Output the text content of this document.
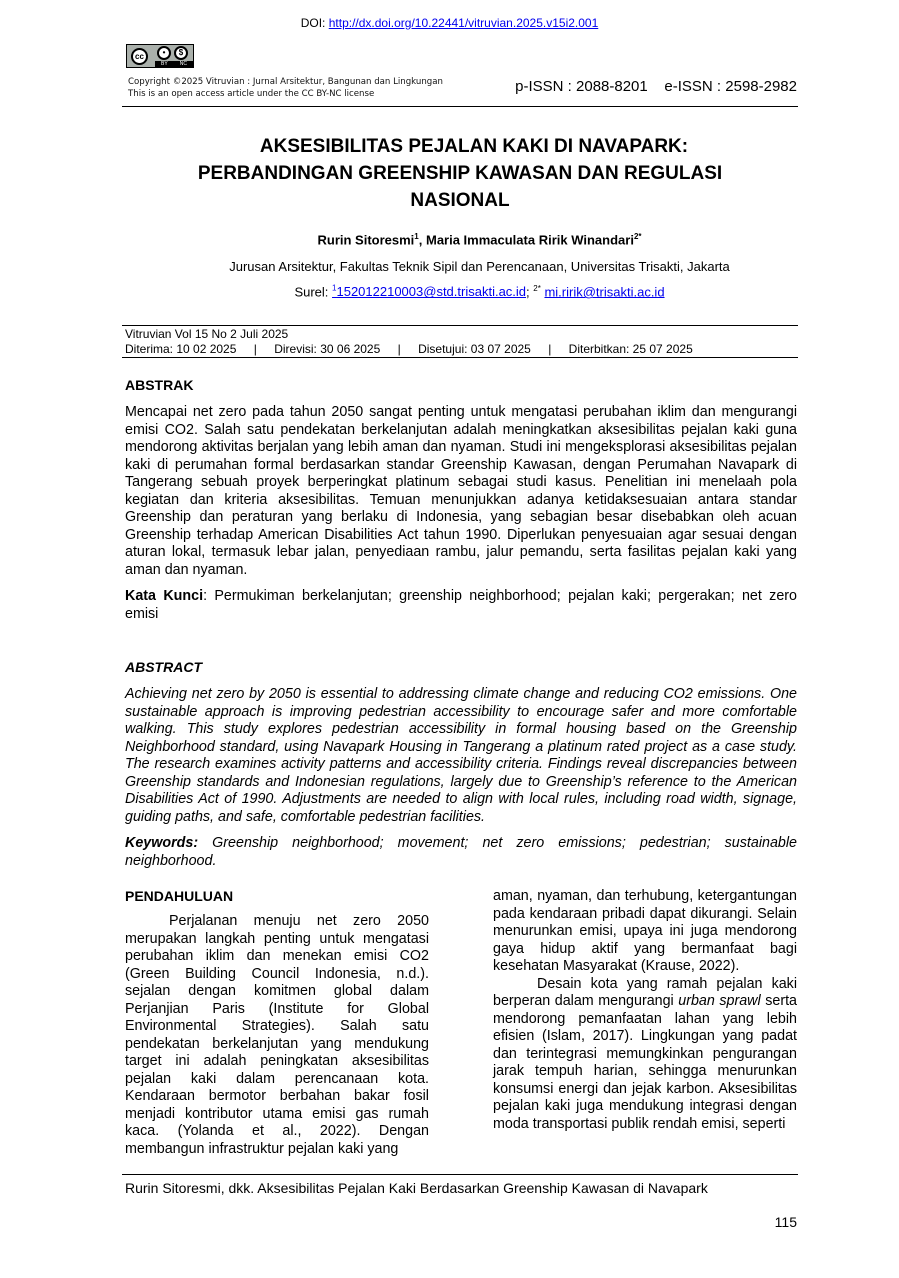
DOI: http://dx.doi.org/10.22441/vitruvian.2025.v15i2.001
cc	•	$
BY NC
Copyright ©2025 Vitruvian : Jurnal Arsitektur, Bangunan dan Lingkungan
This is an open access article under the CC BY-NC license	p-ISSN : 2088-8201    e-ISSN : 2598-2982
AKSESIBILITAS PEJALAN KAKI DI NAVAPARK:
PERBANDINGAN GREENSHIP KAWASAN DAN REGULASI
NASIONAL
Rurin Sitoresmi$^1$, Maria Immaculata Ririk Winandari$^{2*}$
Jurusan Arsitektur, Fakultas Teknik Sipil dan Perencanaan, Universitas Trisakti, Jakarta
Surel: $^1$152012210003@std.trisakti.ac.id; $^{2*}$ mi.ririk@trisakti.ac.id
Vitruvian Vol 15 No 2 Juli 2025
Diterima: 10 02 2025 | Direvisi: 30 06 2025 | Disetujui: 03 07 2025 | Diterbitkan: 25 07 2025
ABSTRAK
Mencapai net zero pada tahun 2050 sangat penting untuk mengatasi perubahan iklim dan mengurangi emisi CO2. Salah satu pendekatan berkelanjutan adalah meningkatkan aksesibilitas pejalan kaki guna mendorong aktivitas berjalan yang lebih aman dan nyaman. Studi ini mengeksplorasi aksesibilitas pejalan kaki di perumahan formal berdasarkan standar Greenship Kawasan, dengan Perumahan Navapark di Tangerang sebuah proyek berperingkat platinum sebagai studi kasus. Penelitian ini menelaah pola kegiatan dan kriteria aksesibilitas. Temuan menunjukkan adanya ketidaksesuaian antara standar Greenship dan peraturan yang berlaku di Indonesia, yang sebagian besar disebabkan oleh acuan Greenship terhadap American Disabilities Act tahun 1990. Diperlukan penyesuaian agar sesuai dengan aturan lokal, termasuk lebar jalan, penyediaan rambu, jalur pemandu, serta fasilitas pejalan kaki yang aman dan nyaman.
Kata Kunci: Permukiman berkelanjutan; greenship neighborhood; pejalan kaki; pergerakan; net zero emisi
ABSTRACT
Achieving net zero by 2050 is essential to addressing climate change and reducing CO2 emissions. One sustainable approach is improving pedestrian accessibility to encourage safer and more comfortable walking. This study explores pedestrian accessibility in formal housing based on the Greenship Neighborhood standard, using Navapark Housing in Tangerang a platinum rated project as a case study. The research examines activity patterns and accessibility criteria. Findings reveal discrepancies between Greenship standards and Indonesian regulations, largely due to Greenship’s reference to the American Disabilities Act of 1990. Adjustments are needed to align with local rules, including road width, signage, guiding paths, and safe, comfortable pedestrian facilities.
Keywords: Greenship neighborhood; movement; net zero emissions; pedestrian; sustainable neighborhood.
PENDAHULUAN
Perjalanan menuju net zero 2050 merupakan langkah penting untuk mengatasi perubahan iklim dan menekan emisi CO2 (Green Building Council Indonesia, n.d.). sejalan dengan komitmen global dalam Perjanjian Paris (Institute for Global Environmental Strategies). Salah satu pendekatan berkelanjutan yang mendukung target ini adalah peningkatan aksesibilitas pejalan kaki dalam perencanaan kota. Kendaraan bermotor berbahan bakar fosil menjadi kontributor utama emisi gas rumah kaca. (Yolanda et al., 2022). Dengan membangun infrastruktur pejalan kaki yang
aman, nyaman, dan terhubung, ketergantungan pada kendaraan pribadi dapat dikurangi. Selain menurunkan emisi, upaya ini juga mendorong gaya hidup aktif yang bermanfaat bagi kesehatan Masyarakat (Krause, 2022).
Desain kota yang ramah pejalan kaki berperan dalam mengurangi urban sprawl serta mendorong pemanfaatan lahan yang lebih efisien (Islam, 2017). Lingkungan yang padat dan terintegrasi memungkinkan pengurangan jarak tempuh harian, sehingga menurunkan konsumsi energi dan jejak karbon. Aksesibilitas pejalan kaki juga mendukung integrasi dengan moda transportasi publik rendah emisi, seperti
Rurin Sitoresmi, dkk. Aksesibilitas Pejalan Kaki Berdasarkan Greenship Kawasan di Navapark
115
